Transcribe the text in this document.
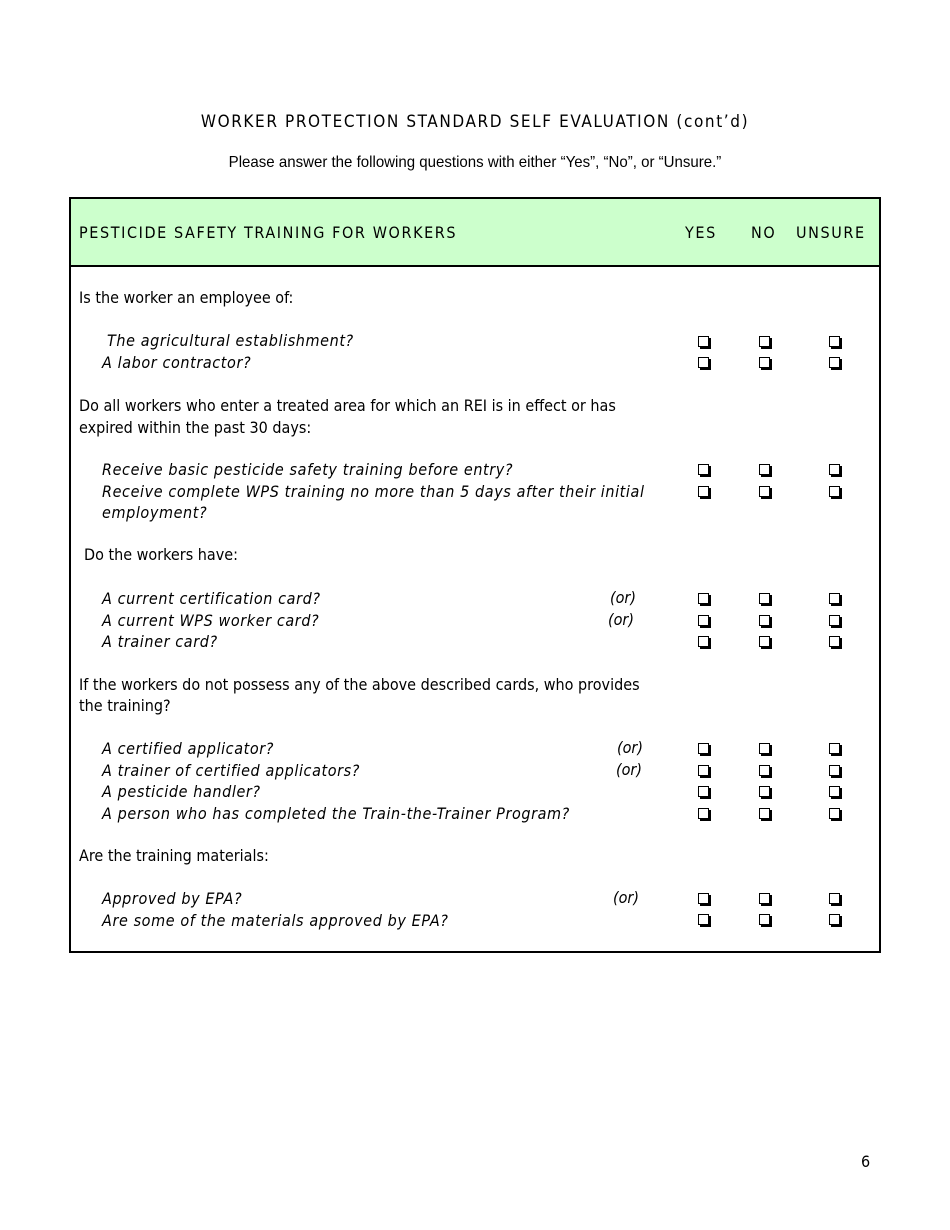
WORKER PROTECTION STANDARD SELF EVALUATION (cont’d)
Please answer the following questions with either “Yes”, “No”, or “Unsure.”
PESTICIDE SAFETY TRAINING FOR WORKERS	YES NO UNSURE
Is the worker an employee of:
The agricultural establishment?
A labor contractor?
Do all workers who enter a treated area for which an REI is in effect or has
expired within the past 30 days:
Receive basic pesticide safety training before entry?
Receive complete WPS training no more than 5 days after their initial
employment?
Do the workers have:
A current certification card?
A current WPS worker card?
A trainer card?
(or)
(or)
If the workers do not possess any of the above described cards, who provides
the training?
A certified applicator?
A trainer of certified applicators?
A pesticide handler?
A person who has completed the Train-the-Trainer Program?
(or)
(or)
Are the training materials:
Approved by EPA?
Are some of the materials approved by EPA?
(or)
6
